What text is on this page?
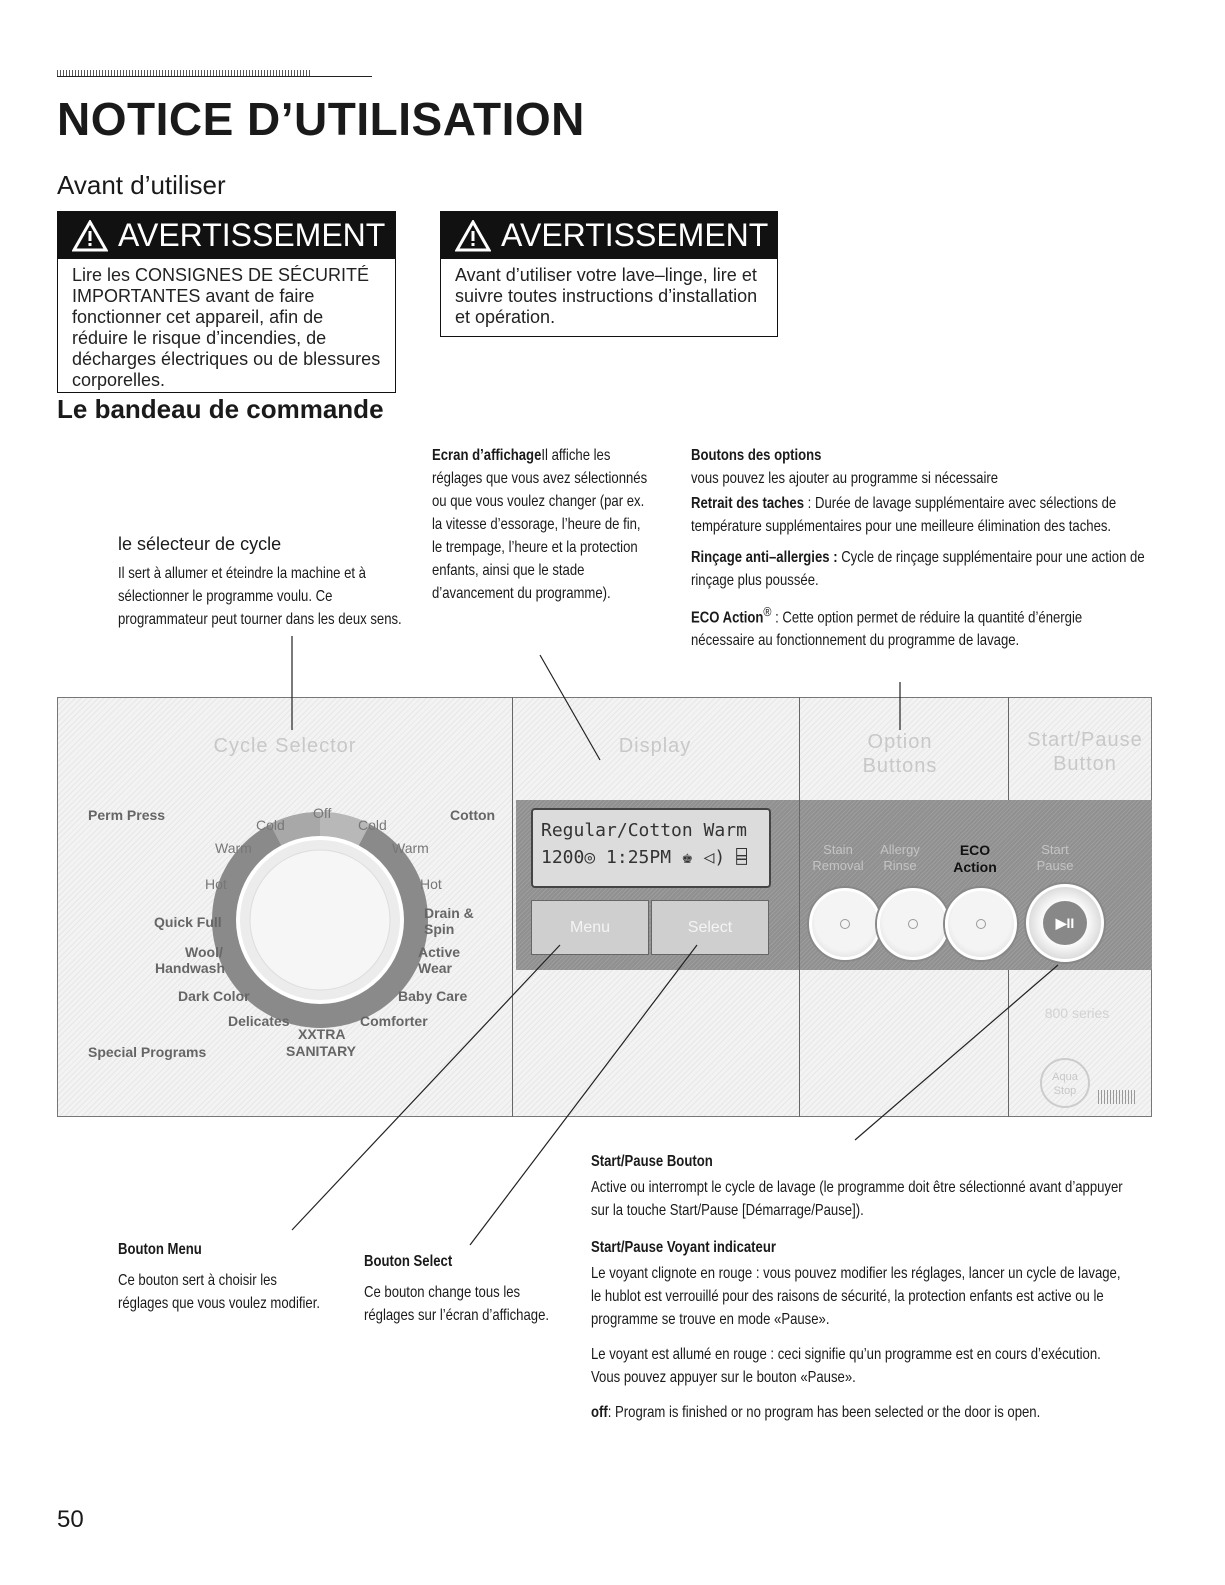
NOTICE D’UTILISATION
Avant d’utiliser
AVERTISSEMENT
Lire les CONSIGNES DE SÉCURITÉ IMPORTANTES avant de faire fonctionner cet appareil, afin de réduire le risque d’incendies, de décharges électriques ou de blessures corporelles.
AVERTISSEMENT
Avant d’utiliser votre lave–linge, lire et suivre toutes instructions d’installation et opération.
Le bandeau de commande
le sélecteur de cycle
Il sert à allumer et éteindre la machine et à sélectionner le programme voulu. Ce programmateur peut tourner dans les deux sens.
Ecran d’affichageIl affiche les réglages que vous avez sélectionnés ou que vous voulez changer (par ex. la vitesse d’essorage, l’heure de fin, le trempage, l’heure et la protection enfants, ainsi que le stade d’avancement du programme).
Boutons des options
vous pouvez les ajouter au programme si nécessaire
Retrait des taches : Durée de lavage supplémentaire avec sélections de température supplémentaires pour une meilleure élimination des taches.
Rinçage anti–allergies : Cycle de rinçage supplémentaire pour une action de rinçage plus poussée.
ECO Action® : Cette option permet de réduire la quantité d’énergie nécessaire au fonctionnement du programme de lavage.
Cycle Selector	Display	Option
Buttons
Start/Pause
Button
Off
Cold	Cold
Warm	Warm
Hot	Hot
Perm Press	Cotton
Quick Full
Drain & Spin
Wool/
Handwash
Active
Wear
Dark Color	Baby Care
Delicates	Comforter
XXTRA
SANITARY
Special Programs
Regular/Cotton Warm
1200◎ 1:25PM ♚ ◁) ⌸
Menu	Select
Stain
Removal
Allergy
Rinse
ECO
Action
Start
Pause
▶II
800 series
Aqua
Stop
Start/Pause Bouton
Active ou interrompt le cycle de lavage (le programme doit être sélectionné avant d’appuyer sur la touche Start/Pause [Démarrage/Pause]).
Start/Pause Voyant indicateur
Le voyant clignote en rouge : vous pouvez modifier les réglages, lancer un cycle de lavage, le hublot est verrouillé pour des raisons de sécurité, la protection enfants est active ou le programme se trouve en mode «Pause».
Le voyant est allumé en rouge : ceci signifie qu’un programme est en cours d’exécution. Vous pouvez appuyer sur le bouton «Pause».
off: Program is finished or no program has been selected or the door is open.
Bouton Menu
Ce bouton sert à choisir les réglages que vous voulez modifier.
Bouton Select
Ce bouton change tous les réglages sur l’écran d’affichage.
50
